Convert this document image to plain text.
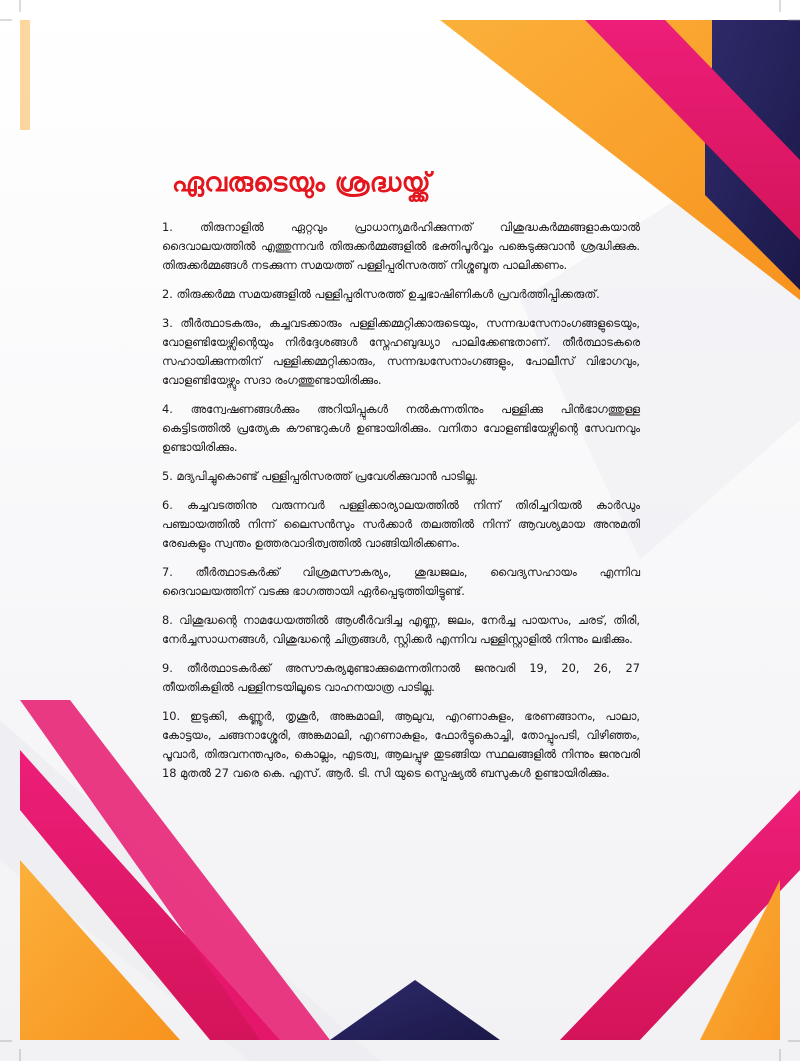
ഏവരുടെയും ശ്രദ്ധയ്ക്ക്

1. തിരുനാളിൽ ഏറ്റവും പ്രാധാന്യമർഹിക്കുന്നത് വിശുദ്ധകർമ്മങ്ങളാകയാൽ ദൈവാലയത്തിൽ എത്തുന്നവർ തിരുക്കർമ്മങ്ങളിൽ ഭക്തിപൂർവ്വം പങ്കെടുക്കുവാൻ ശ്രദ്ധിക്കുക. തിരുക്കർമ്മങ്ങൾ നടക്കുന്ന സമയത്ത് പള്ളിപ്പരിസരത്ത് നിശ്ശബ്ദത പാലിക്കണം.

2. തിരുക്കർമ്മ സമയങ്ങളിൽ പള്ളിപ്പരിസരത്ത് ഉച്ചഭാഷിണികൾ പ്രവർത്തിപ്പിക്കരുത്.

3. തീർത്ഥാടകരും, കച്ചവടക്കാരും പള്ളിക്കമ്മറ്റിക്കാരുടെയും, സന്നദ്ധസേനാംഗങ്ങളുടെയും, വോളണ്ടിയേഴ്സിന്റെയും നിർദ്ദേശങ്ങൾ സ്നേഹബുദ്ധ്യാ പാലിക്കേണ്ടതാണ്. തീർത്ഥാടകരെ സഹായിക്കുന്നതിന് പള്ളിക്കമ്മറ്റിക്കാരും, സന്നദ്ധസേനാംഗങ്ങളും, പോലീസ് വിഭാഗവും, വോളണ്ടിയേഴ്സും സദാ രംഗത്തുണ്ടായിരിക്കും.

4. അന്വേഷണങ്ങൾക്കും അറിയിപ്പുകൾ നൽകുന്നതിനും പള്ളിക്കു പിൻഭാഗത്തുള്ള കെട്ടിടത്തിൽ പ്രത്യേക കൗണ്ടറുകൾ ഉണ്ടായിരിക്കും. വനിതാ വോളണ്ടിയേഴ്സിന്റെ സേവനവും ഉണ്ടായിരിക്കും.

5. മദ്യപിച്ചുകൊണ്ട് പള്ളിപ്പരിസരത്ത് പ്രവേശിക്കുവാൻ പാടില്ല.

6. കച്ചവടത്തിനു വരുന്നവർ പള്ളിക്കാര്യാലയത്തിൽ നിന്ന് തിരിച്ചറിയൽ കാർഡും പഞ്ചായത്തിൽ നിന്ന് ലൈസൻസും സർക്കാർ തലത്തിൽ നിന്ന് ആവശ്യമായ അനുമതി രേഖകളും സ്വന്തം ഉത്തരവാദിത്വത്തിൽ വാങ്ങിയിരിക്കണം.

7. തീർത്ഥാടകർക്ക് വിശ്രമസൗകര്യം, ശുദ്ധജലം, വൈദ്യസഹായം എന്നിവ ദൈവാലയത്തിന് വടക്കു ഭാഗത്തായി ഏർപ്പെടുത്തിയിട്ടുണ്ട്.

8. വിശുദ്ധന്റെ നാമധേയത്തിൽ ആശീർവദിച്ച എണ്ണ, ജലം, നേർച്ച പായസം, ചരട്, തിരി, നേർച്ചസാധനങ്ങൾ, വിശുദ്ധന്റെ ചിത്രങ്ങൾ, സ്റ്റിക്കർ എന്നിവ പള്ളിസ്റ്റാളിൽ നിന്നും ലഭിക്കും.

9. തീർത്ഥാടകർക്ക് അസൗകര്യമുണ്ടാക്കുമെന്നതിനാൽ ജനുവരി 19, 20, 26, 27 തീയതികളിൽ പള്ളിനടയിലൂടെ വാഹനയാത്ര പാടില്ല.

10. ഇടുക്കി, കണ്ണൂർ, തൃശൂർ, അങ്കമാലി, ആലുവ, എറണാകുളം, ഭരണങ്ങാനം, പാലാ, കോട്ടയം, ചങ്ങനാശ്ശേരി, അങ്കമാലി, എറണാകുളം, ഫോർട്ടുകൊച്ചി, തോപ്പുംപടി, വിഴിഞ്ഞം, പൂവാർ, തിരുവനന്തപുരം, കൊല്ലം, എടത്വ, ആലപ്പുഴ തുടങ്ങിയ സ്ഥലങ്ങളിൽ നിന്നും ജനുവരി 18 മുതൽ 27 വരെ കെ. എസ്. ആർ. ടി. സി യുടെ സ്പെഷ്യൽ ബസുകൾ ഉണ്ടായിരിക്കും.
